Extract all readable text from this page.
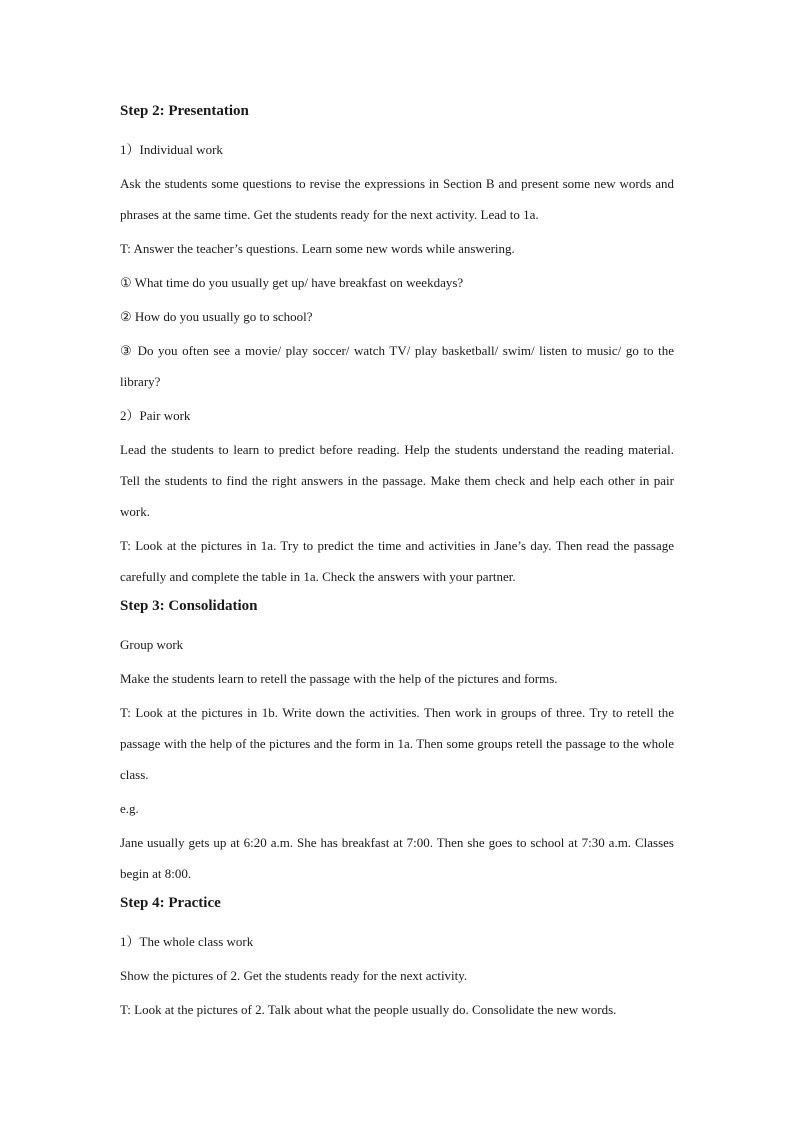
Step 2: Presentation

1）Individual work

Ask the students some questions to revise the expressions in Section B and present some new words and phrases at the same time. Get the students ready for the next activity. Lead to 1a.

T: Answer the teacher’s questions. Learn some new words while answering.

① What time do you usually get up/ have breakfast on weekdays?

② How do you usually go to school?

③ Do you often see a movie/ play soccer/ watch TV/ play basketball/ swim/ listen to music/ go to the library?

2）Pair work

Lead the students to learn to predict before reading. Help the students understand the reading material. Tell the students to find the right answers in the passage. Make them check and help each other in pair work.

T: Look at the pictures in 1a. Try to predict the time and activities in Jane’s day. Then read the passage carefully and complete the table in 1a. Check the answers with your partner.

Step 3: Consolidation

Group work

Make the students learn to retell the passage with the help of the pictures and forms.

T: Look at the pictures in 1b. Write down the activities. Then work in groups of three. Try to retell the passage with the help of the pictures and the form in 1a. Then some groups retell the passage to the whole class.

e.g.

Jane usually gets up at 6:20 a.m. She has breakfast at 7:00. Then she goes to school at 7:30 a.m. Classes begin at 8:00.

Step 4: Practice

1）The whole class work

Show the pictures of 2. Get the students ready for the next activity.

T: Look at the pictures of 2. Talk about what the people usually do. Consolidate the new words.
